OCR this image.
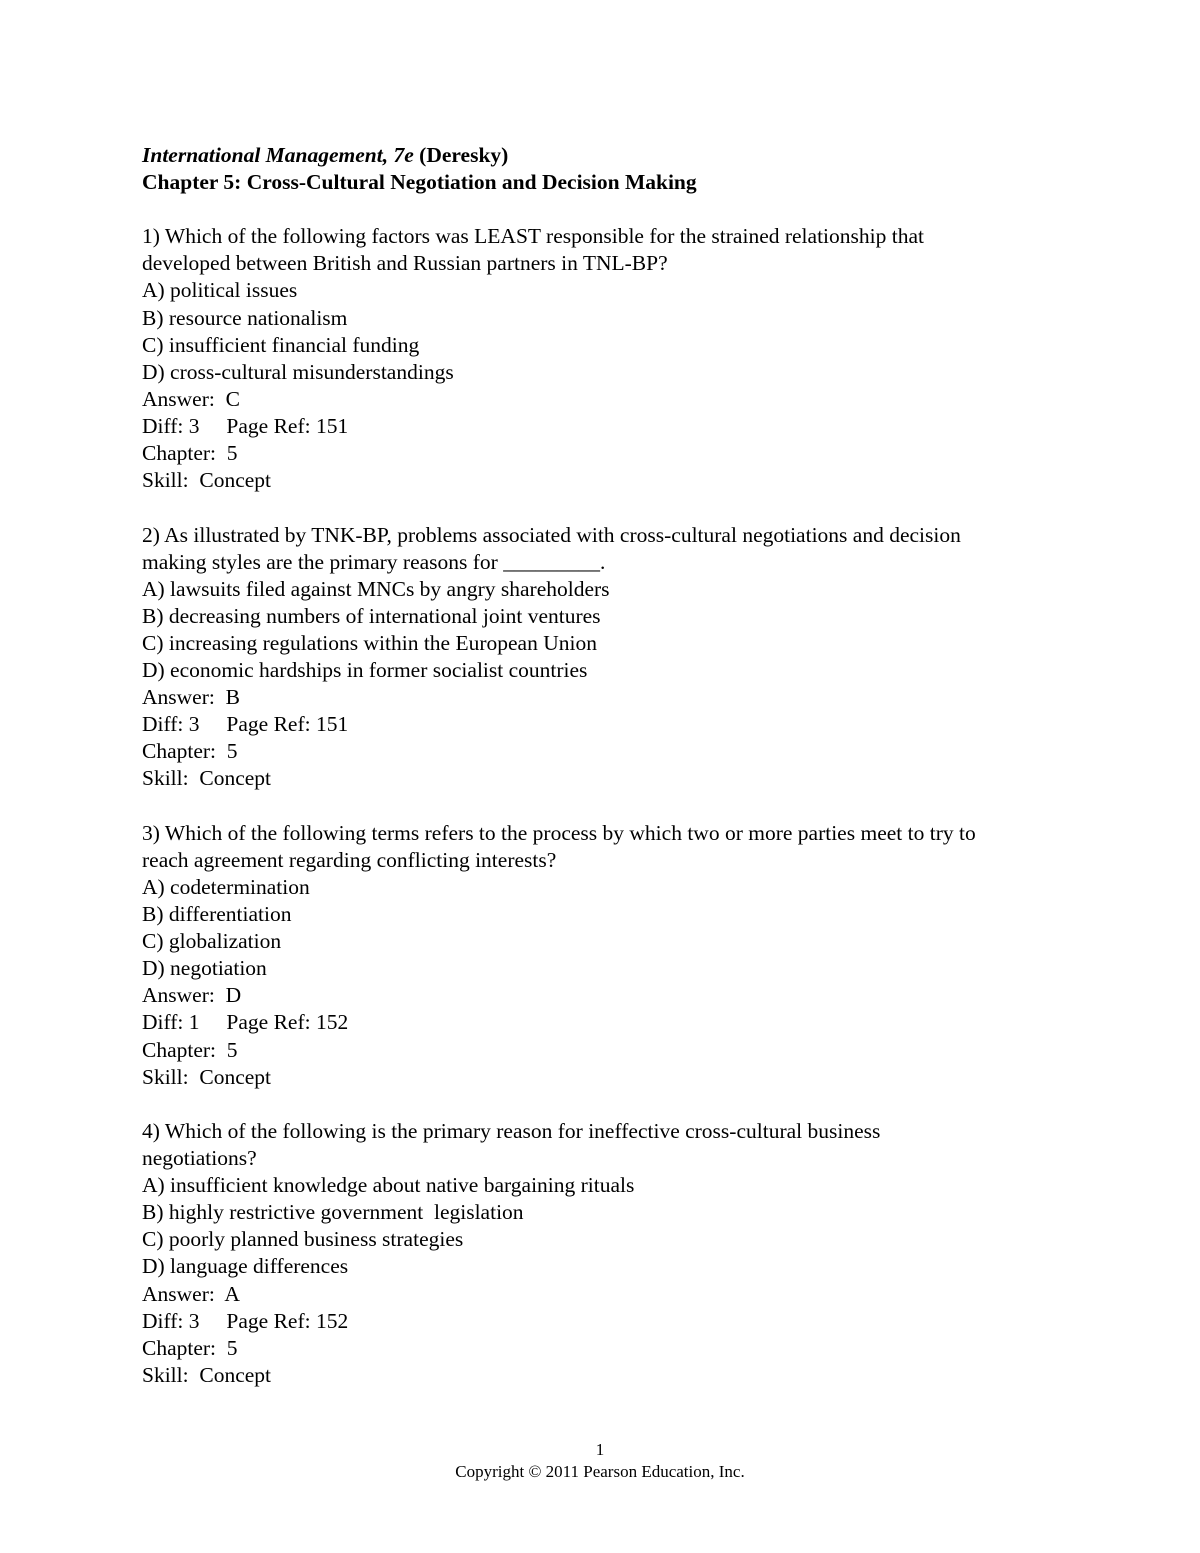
International Management, 7e (Deresky)
Chapter 5: Cross-Cultural Negotiation and Decision Making
1) Which of the following factors was LEAST responsible for the strained relationship that
developed between British and Russian partners in TNL-BP?
A) political issues
B) resource nationalism
C) insufficient financial funding
D) cross-cultural misunderstandings
Answer:  C
Diff: 3 Page Ref: 151
Chapter:  5
Skill:  Concept
2) As illustrated by TNK-BP, problems associated with cross-cultural negotiations and decision
making styles are the primary reasons for _________.
A) lawsuits filed against MNCs by angry shareholders
B) decreasing numbers of international joint ventures
C) increasing regulations within the European Union
D) economic hardships in former socialist countries
Answer:  B
Diff: 3 Page Ref: 151
Chapter:  5
Skill:  Concept
3) Which of the following terms refers to the process by which two or more parties meet to try to
reach agreement regarding conflicting interests?
A) codetermination
B) differentiation
C) globalization
D) negotiation
Answer:  D
Diff: 1 Page Ref: 152
Chapter:  5
Skill:  Concept
4) Which of the following is the primary reason for ineffective cross-cultural business
negotiations?
A) insufficient knowledge about native bargaining rituals
B) highly restrictive government  legislation
C) poorly planned business strategies
D) language differences
Answer:  A
Diff: 3 Page Ref: 152
Chapter:  5
Skill:  Concept
1
Copyright © 2011 Pearson Education, Inc.
